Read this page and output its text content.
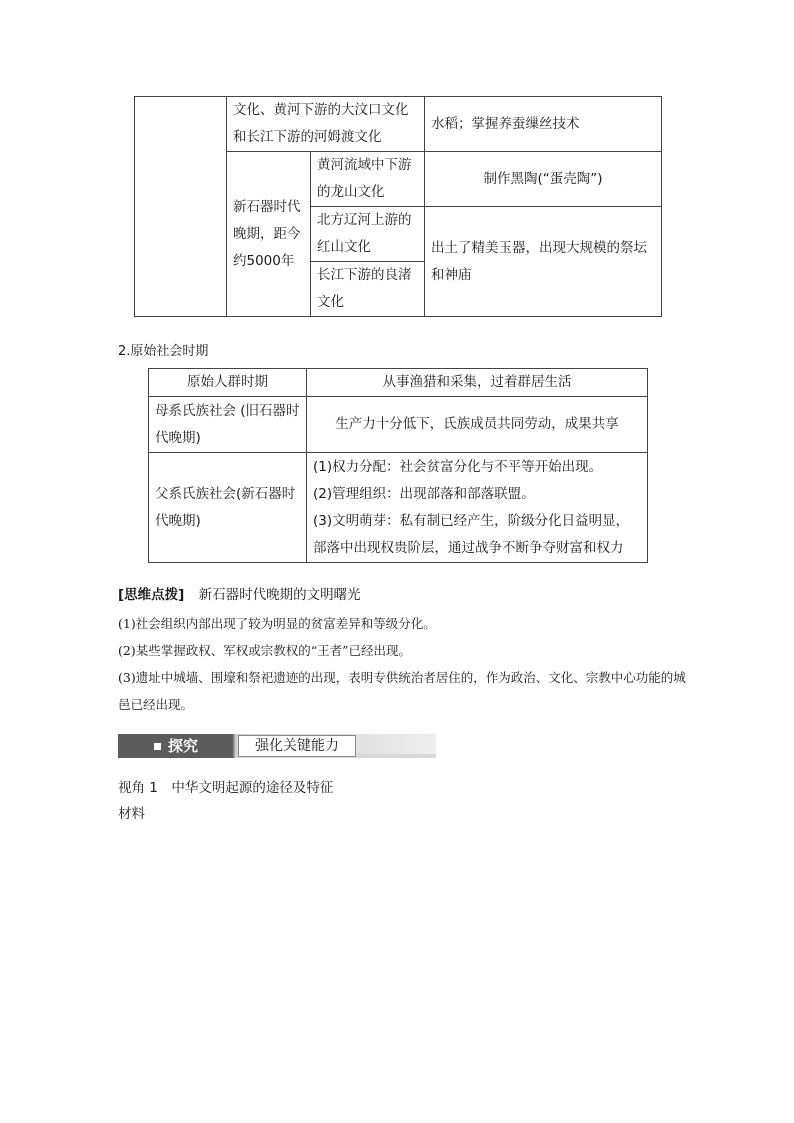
	文化、黄河下游的大汶口文化和长江下游的河姆渡文化		水稻；掌握养蚕缫丝技术
	新石器时代晚期，距今约5000年	黄河流域中下游的龙山文化	制作黑陶(“蛋壳陶”)
		北方辽河上游的红山文化	出土了精美玉器，出现大规模的祭坛和神庙
		长江下游的良渚文化	
2.原始社会时期
原始人群时期	从事渔猎和采集，过着群居生活
母系氏族社会 (旧石器时代晚期)	生产力十分低下，氏族成员共同劳动，成果共享
父系氏族社会(新石器时代晚期)	(1)权力分配：社会贫富分化与不平等开始出现。
(2)管理组织：出现部落和部落联盟。
(3)文明萌芽：私有制已经产生，阶级分化日益明显，部落中出现权贵阶层，通过战争不断争夺财富和权力
[思维点拨] 新石器时代晚期的文明曙光

(1)社会组织内部出现了较为明显的贫富差异和等级分化。

(2)某些掌握政权、军权或宗教权的“王者”已经出现。

(3)遗址中城墙、围壕和祭祀遗迹的出现，表明专供统治者居住的，作为政治、文化、宗教中心功能的城邑已经出现。

探究	强化关键能力
视角 1　中华文明起源的途径及特征
材料
